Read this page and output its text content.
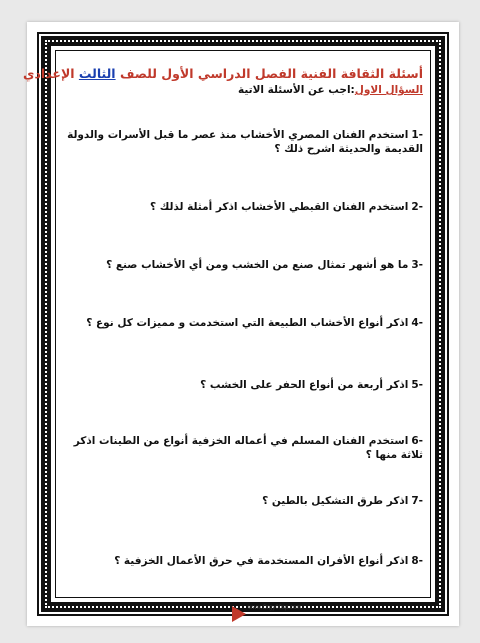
أسئلة الثقافة الفنية الفصل الدراسي الأول للصف الثالث الإعدادي
السؤال الاول:اجب عن الأسئلة الاتية
-1استخدم الفنان المصري الأخشاب منذ عصر ما قبل الأسرات والدولة القديمة والحديثة اشرح ذلك ؟
-2استخدم الفنان القبطي الأخشاب اذكر أمثلة لذلك ؟
-3ما هو أشهر تمثال صنع من الخشب ومن أي الأخشاب صنع ؟
-4اذكر أنواع الأخشاب الطبيعة التي استخدمت و مميزات كل نوع ؟
-5اذكر أربعة من أنواع الحفر على الخشب ؟
-6استخدم الفنان المسلم في أعماله الخزفية أنواع من الطينات اذكر ثلاثة منها ؟
-7اذكر طرق التشكيل بالطين ؟
-8اذكر أنواع الأفران المستخدمة في حرق الأعمال الخزفية ؟
www.Orgy00sp.com
